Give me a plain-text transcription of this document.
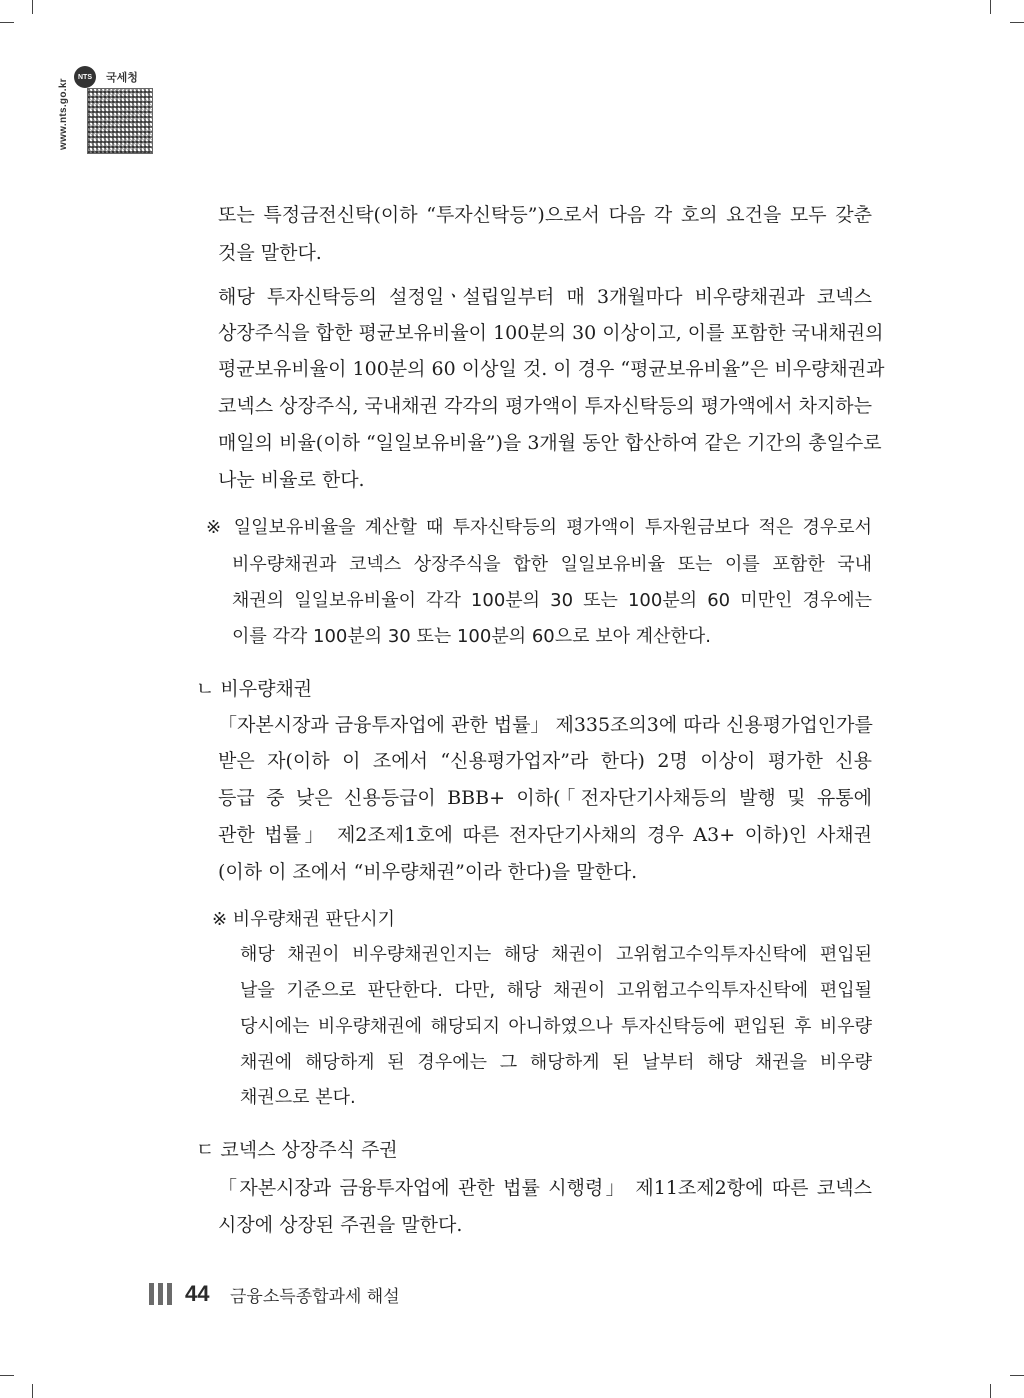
NTS	국세청
www.nts.go.kr
또는 특정금전신탁(이하 “투자신탁등”)으로서 다음 각 호의 요건을 모두 갖춘
것을 말한다.
해당 투자신탁등의 설정일ㆍ설립일부터 매 3개월마다 비우량채권과 코넥스
상장주식을 합한 평균보유비율이 100분의 30 이상이고, 이를 포함한 국내채권의
평균보유비율이 100분의 60 이상일 것. 이 경우 “평균보유비율”은 비우량채권과
코넥스 상장주식, 국내채권 각각의 평가액이 투자신탁등의 평가액에서 차지하는
매일의 비율(이하 “일일보유비율”)을 3개월 동안 합산하여 같은 기간의 총일수로
나눈 비율로 한다.
※ 일일보유비율을 계산할 때 투자신탁등의 평가액이 투자원금보다 적은 경우로서
비우량채권과 코넥스 상장주식을 합한 일일보유비율 또는 이를 포함한 국내
채권의 일일보유비율이 각각 100분의 30 또는 100분의 60 미만인 경우에는
이를 각각 100분의 30 또는 100분의 60으로 보아 계산한다.
ㄴ 비우량채권
「자본시장과 금융투자업에 관한 법률」 제335조의3에 따라 신용평가업인가를
받은 자(이하 이 조에서 “신용평가업자”라 한다) 2명 이상이 평가한 신용
등급 중 낮은 신용등급이 BBB+ 이하(「전자단기사채등의 발행 및 유통에
관한 법률」 제2조제1호에 따른 전자단기사채의 경우 A3+ 이하)인 사채권
(이하 이 조에서 “비우량채권”이라 한다)을 말한다.
※ 비우량채권 판단시기
해당 채권이 비우량채권인지는 해당 채권이 고위험고수익투자신탁에 편입된
날을 기준으로 판단한다. 다만, 해당 채권이 고위험고수익투자신탁에 편입될
당시에는 비우량채권에 해당되지 아니하였으나 투자신탁등에 편입된 후 비우량
채권에 해당하게 된 경우에는 그 해당하게 된 날부터 해당 채권을 비우량
채권으로 본다.
ㄷ 코넥스 상장주식 주권
「자본시장과 금융투자업에 관한 법률 시행령」 제11조제2항에 따른 코넥스
시장에 상장된 주권을 말한다.
44 금융소득종합과세 해설
